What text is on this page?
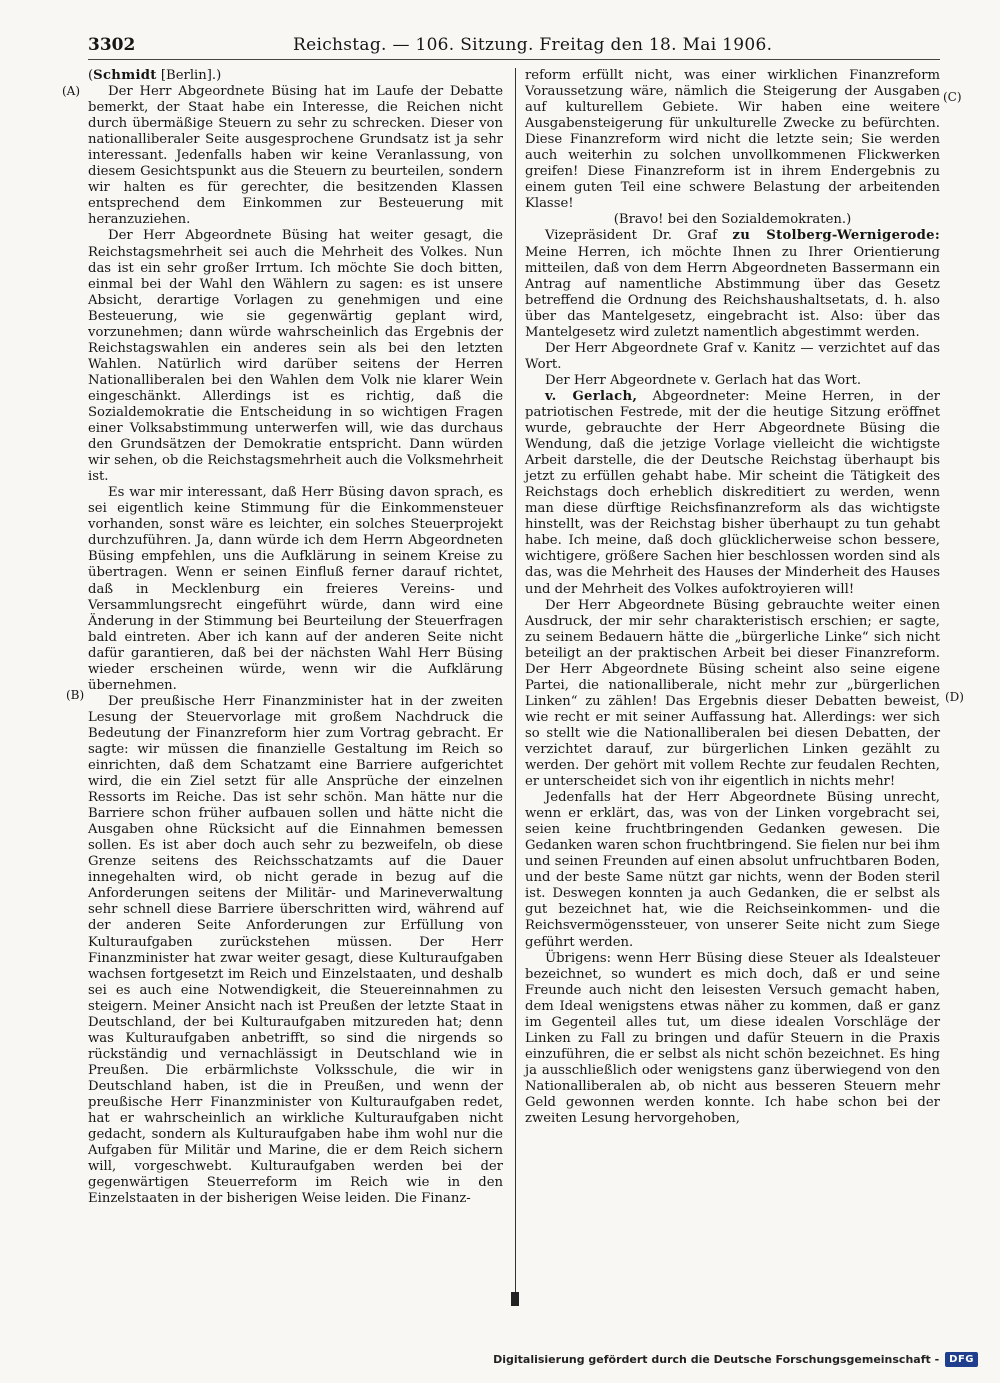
3302	Reichstag. — 106. Sitzung. Freitag den 18. Mai 1906.
(A)
(B)
(C)
(D)

(Schmidt [Berlin].)

Der Herr Abgeordnete Büsing hat im Laufe der Debatte bemerkt, der Staat habe ein Interesse, die Reichen nicht durch übermäßige Steuern zu sehr zu schrecken. Dieser von nationalliberaler Seite ausgesprochene Grundsatz ist ja sehr interessant. Jedenfalls haben wir keine Veranlassung, von diesem Gesichtspunkt aus die Steuern zu beurteilen, sondern wir halten es für gerechter, die besitzenden Klassen entsprechend dem Einkommen zur Besteuerung mit heranzuziehen.

Der Herr Abgeordnete Büsing hat weiter gesagt, die Reichstagsmehrheit sei auch die Mehrheit des Volkes. Nun das ist ein sehr großer Irrtum. Ich möchte Sie doch bitten, einmal bei der Wahl den Wählern zu sagen: es ist unsere Absicht, derartige Vorlagen zu genehmigen und eine Besteuerung, wie sie gegenwärtig geplant wird, vorzunehmen; dann würde wahrscheinlich das Ergebnis der Reichstagswahlen ein anderes sein als bei den letzten Wahlen. Natürlich wird darüber seitens der Herren Nationalliberalen bei den Wahlen dem Volk nie klarer Wein eingeschänkt. Allerdings ist es richtig, daß die Sozialdemokratie die Entscheidung in so wichtigen Fragen einer Volksabstimmung unterwerfen will, wie das durchaus den Grundsätzen der Demokratie entspricht. Dann würden wir sehen, ob die Reichstagsmehrheit auch die Volksmehrheit ist.

Es war mir interessant, daß Herr Büsing davon sprach, es sei eigentlich keine Stimmung für die Einkommensteuer vorhanden, sonst wäre es leichter, ein solches Steuerprojekt durchzuführen. Ja, dann würde ich dem Herrn Abgeordneten Büsing empfehlen, uns die Aufklärung in seinem Kreise zu übertragen. Wenn er seinen Einfluß ferner darauf richtet, daß in Mecklenburg ein freieres Vereins- und Versammlungsrecht eingeführt würde, dann wird eine Änderung in der Stimmung bei Beurteilung der Steuerfragen bald eintreten. Aber ich kann auf der anderen Seite nicht dafür garantieren, daß bei der nächsten Wahl Herr Büsing wieder erscheinen würde, wenn wir die Aufklärung übernehmen.

Der preußische Herr Finanzminister hat in der zweiten Lesung der Steuervorlage mit großem Nachdruck die Bedeutung der Finanzreform hier zum Vortrag gebracht. Er sagte: wir müssen die finanzielle Gestaltung im Reich so einrichten, daß dem Schatzamt eine Barriere aufgerichtet wird, die ein Ziel setzt für alle Ansprüche der einzelnen Ressorts im Reiche. Das ist sehr schön. Man hätte nur die Barriere schon früher aufbauen sollen und hätte nicht die Ausgaben ohne Rücksicht auf die Einnahmen bemessen sollen. Es ist aber doch auch sehr zu bezweifeln, ob diese Grenze seitens des Reichsschatzamts auf die Dauer innegehalten wird, ob nicht gerade in bezug auf die Anforderungen seitens der Militär- und Marineverwaltung sehr schnell diese Barriere überschritten wird, während auf der anderen Seite Anforderungen zur Erfüllung von Kulturaufgaben zurückstehen müssen. Der Herr Finanzminister hat zwar weiter gesagt, diese Kulturaufgaben wachsen fortgesetzt im Reich und Einzelstaaten, und deshalb sei es auch eine Notwendigkeit, die Steuereinnahmen zu steigern. Meiner Ansicht nach ist Preußen der letzte Staat in Deutschland, der bei Kulturaufgaben mitzureden hat; denn was Kulturaufgaben anbetrifft, so sind die nirgends so rückständig und vernachlässigt in Deutschland wie in Preußen. Die erbärmlichste Volksschule, die wir in Deutschland haben, ist die in Preußen, und wenn der preußische Herr Finanzminister von Kulturaufgaben redet, hat er wahrscheinlich an wirkliche Kulturaufgaben nicht gedacht, sondern als Kulturaufgaben habe ihm wohl nur die Aufgaben für Militär und Marine, die er dem Reich sichern will, vorgeschwebt. Kulturaufgaben werden bei der gegenwärtigen Steuerreform im Reich wie in den Einzelstaaten in der bisherigen Weise leiden. Die Finanz-

reform erfüllt nicht, was einer wirklichen Finanzreform Voraussetzung wäre, nämlich die Steigerung der Ausgaben auf kulturellem Gebiete. Wir haben eine weitere Ausgabensteigerung für unkulturelle Zwecke zu befürchten. Diese Finanzreform wird nicht die letzte sein; Sie werden auch weiterhin zu solchen unvollkommenen Flickwerken greifen! Diese Finanzreform ist in ihrem Endergebnis zu einem guten Teil eine schwere Belastung der arbeitenden Klasse!

(Bravo! bei den Sozialdemokraten.)

Vizepräsident Dr. Graf zu Stolberg-Wernigerode: Meine Herren, ich möchte Ihnen zu Ihrer Orientierung mitteilen, daß von dem Herrn Abgeordneten Bassermann ein Antrag auf namentliche Abstimmung über das Gesetz betreffend die Ordnung des Reichshaushaltsetats, d. h. also über das Mantelgesetz, eingebracht ist. Also: über das Mantelgesetz wird zuletzt namentlich abgestimmt werden.

Der Herr Abgeordnete Graf v. Kanitz — verzichtet auf das Wort.

Der Herr Abgeordnete v. Gerlach hat das Wort.

v. Gerlach, Abgeordneter: Meine Herren, in der patriotischen Festrede, mit der die heutige Sitzung eröffnet wurde, gebrauchte der Herr Abgeordnete Büsing die Wendung, daß die jetzige Vorlage vielleicht die wichtigste Arbeit darstelle, die der Deutsche Reichstag überhaupt bis jetzt zu erfüllen gehabt habe. Mir scheint die Tätigkeit des Reichstags doch erheblich diskreditiert zu werden, wenn man diese dürftige Reichsfinanzreform als das wichtigste hinstellt, was der Reichstag bisher überhaupt zu tun gehabt habe. Ich meine, daß doch glücklicherweise schon bessere, wichtigere, größere Sachen hier beschlossen worden sind als das, was die Mehrheit des Hauses der Minderheit des Hauses und der Mehrheit des Volkes aufoktroyieren will!

Der Herr Abgeordnete Büsing gebrauchte weiter einen Ausdruck, der mir sehr charakteristisch erschien; er sagte, zu seinem Bedauern hätte die „bürgerliche Linke“ sich nicht beteiligt an der praktischen Arbeit bei dieser Finanzreform. Der Herr Abgeordnete Büsing scheint also seine eigene Partei, die nationalliberale, nicht mehr zur „bürgerlichen Linken“ zu zählen! Das Ergebnis dieser Debatten beweist, wie recht er mit seiner Auffassung hat. Allerdings: wer sich so stellt wie die Nationalliberalen bei diesen Debatten, der verzichtet darauf, zur bürgerlichen Linken gezählt zu werden. Der gehört mit vollem Rechte zur feudalen Rechten, er unterscheidet sich von ihr eigentlich in nichts mehr!

Jedenfalls hat der Herr Abgeordnete Büsing unrecht, wenn er erklärt, das, was von der Linken vorgebracht sei, seien keine fruchtbringenden Gedanken gewesen. Die Gedanken waren schon fruchtbringend. Sie fielen nur bei ihm und seinen Freunden auf einen absolut unfruchtbaren Boden, und der beste Same nützt gar nichts, wenn der Boden steril ist. Deswegen konnten ja auch Gedanken, die er selbst als gut bezeichnet hat, wie die Reichseinkommen- und die Reichsvermögenssteuer, von unserer Seite nicht zum Siege geführt werden.

Übrigens: wenn Herr Büsing diese Steuer als Idealsteuer bezeichnet, so wundert es mich doch, daß er und seine Freunde auch nicht den leisesten Versuch gemacht haben, dem Ideal wenigstens etwas näher zu kommen, daß er ganz im Gegenteil alles tut, um diese idealen Vorschläge der Linken zu Fall zu bringen und dafür Steuern in die Praxis einzuführen, die er selbst als nicht schön bezeichnet. Es hing ja ausschließlich oder wenigstens ganz überwiegend von den Nationalliberalen ab, ob nicht aus besseren Steuern mehr Geld gewonnen werden konnte. Ich habe schon bei der zweiten Lesung hervorgehoben,

Digitalisierung gefördert durch die Deutsche Forschungsgemeinschaft -	DFG
